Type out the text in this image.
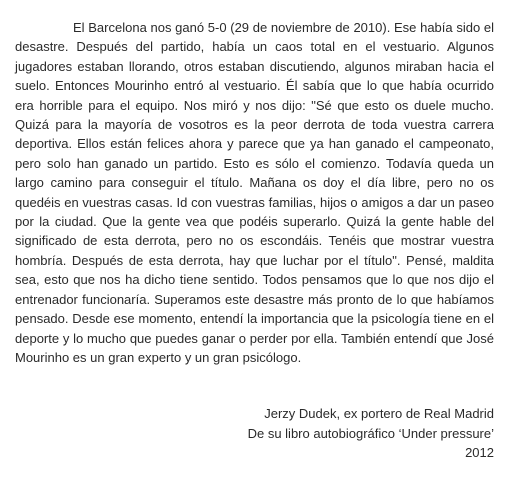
El Barcelona nos ganó 5-0 (29 de noviembre de 2010). Ese había sido el desastre. Después del partido, había un caos total en el vestuario. Algunos jugadores estaban llorando, otros estaban discutiendo, algunos miraban hacia el suelo. Entonces Mourinho entró al vestuario. Él sabía que lo que había ocurrido era horrible para el equipo. Nos miró y nos dijo: "Sé que esto os duele mucho. Quizá para la mayoría de vosotros es la peor derrota de toda vuestra carrera deportiva. Ellos están felices ahora y parece que ya han ganado el campeonato, pero solo han ganado un partido. Esto es sólo el comienzo. Todavía queda un largo camino para conseguir el título. Mañana os doy el día libre, pero no os quedéis en vuestras casas. Id con vuestras familias, hijos o amigos a dar un paseo por la ciudad. Que la gente vea que podéis superarlo. Quizá la gente hable del significado de esta derrota, pero no os escondáis. Tenéis que mostrar vuestra hombría. Después de esta derrota, hay que luchar por el título". Pensé, maldita sea, esto que nos ha dicho tiene sentido. Todos pensamos que lo que nos dijo el entrenador funcionaría. Superamos este desastre más pronto de lo que habíamos pensado. Desde ese momento, entendí la importancia que la psicología tiene en el deporte y lo mucho que puedes ganar o perder por ella. También entendí que José Mourinho es un gran experto y un gran psicólogo.

Jerzy Dudek, ex portero de Real Madrid
De su libro autobiográfico ‘Under pressure’
2012
